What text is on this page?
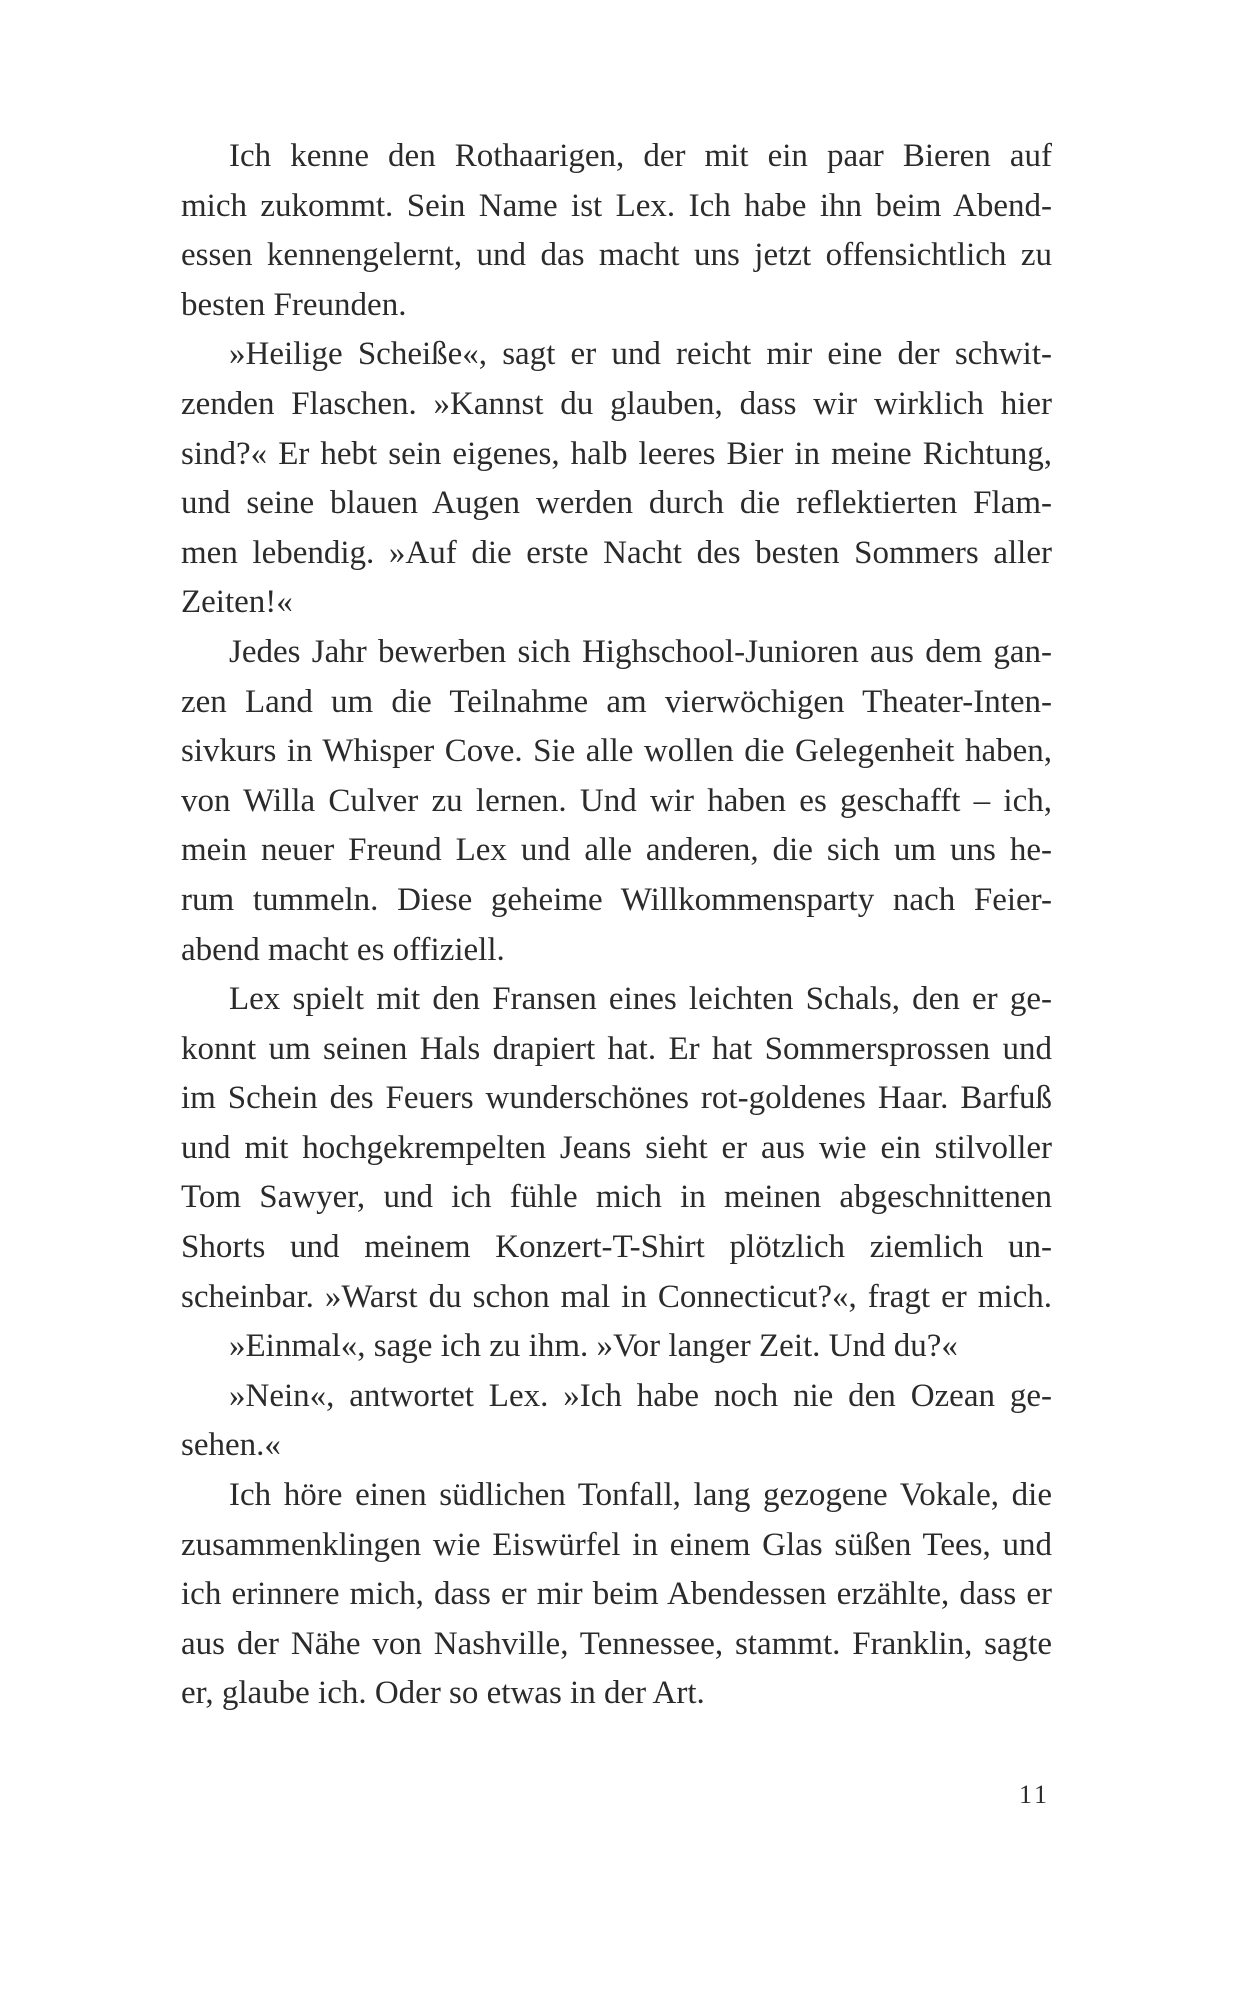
Ich kenne den Rothaarigen, der mit ein paar Bieren auf
mich zukommt. Sein Name ist Lex. Ich habe ihn beim Abend-
essen kennengelernt, und das macht uns jetzt offensichtlich zu
besten Freunden.

»Heilige Scheiße«, sagt er und reicht mir eine der schwit-
zenden Flaschen. »Kannst du glauben, dass wir wirklich hier
sind?« Er hebt sein eigenes, halb leeres Bier in meine Richtung,
und seine blauen Augen werden durch die reflektierten Flam-
men lebendig. »Auf die erste Nacht des besten Sommers aller
Zeiten!«

Jedes Jahr bewerben sich Highschool-Junioren aus dem gan-
zen Land um die Teilnahme am vierwöchigen Theater-Inten-
sivkurs in Whisper Cove. Sie alle wollen die Gelegenheit haben,
von Willa Culver zu lernen. Und wir haben es geschafft – ich,
mein neuer Freund Lex und alle anderen, die sich um uns he-
rum tummeln. Diese geheime Willkommensparty nach Feier-
abend macht es offiziell.

Lex spielt mit den Fransen eines leichten Schals, den er ge-
konnt um seinen Hals drapiert hat. Er hat Sommersprossen und
im Schein des Feuers wunderschönes rot-goldenes Haar. Barfuß
und mit hochgekrempelten Jeans sieht er aus wie ein stilvoller
Tom Sawyer, und ich fühle mich in meinen abgeschnittenen
Shorts und meinem Konzert-T-Shirt plötzlich ziemlich un-
scheinbar. »Warst du schon mal in Connecticut?«, fragt er mich.

»Einmal«, sage ich zu ihm. »Vor langer Zeit. Und du?«

»Nein«, antwortet Lex. »Ich habe noch nie den Ozean ge-
sehen.«

Ich höre einen südlichen Tonfall, lang gezogene Vokale, die
zusammenklingen wie Eiswürfel in einem Glas süßen Tees, und
ich erinnere mich, dass er mir beim Abendessen erzählte, dass er
aus der Nähe von Nashville, Tennessee, stammt. Franklin, sagte
er, glaube ich. Oder so etwas in der Art.

11
